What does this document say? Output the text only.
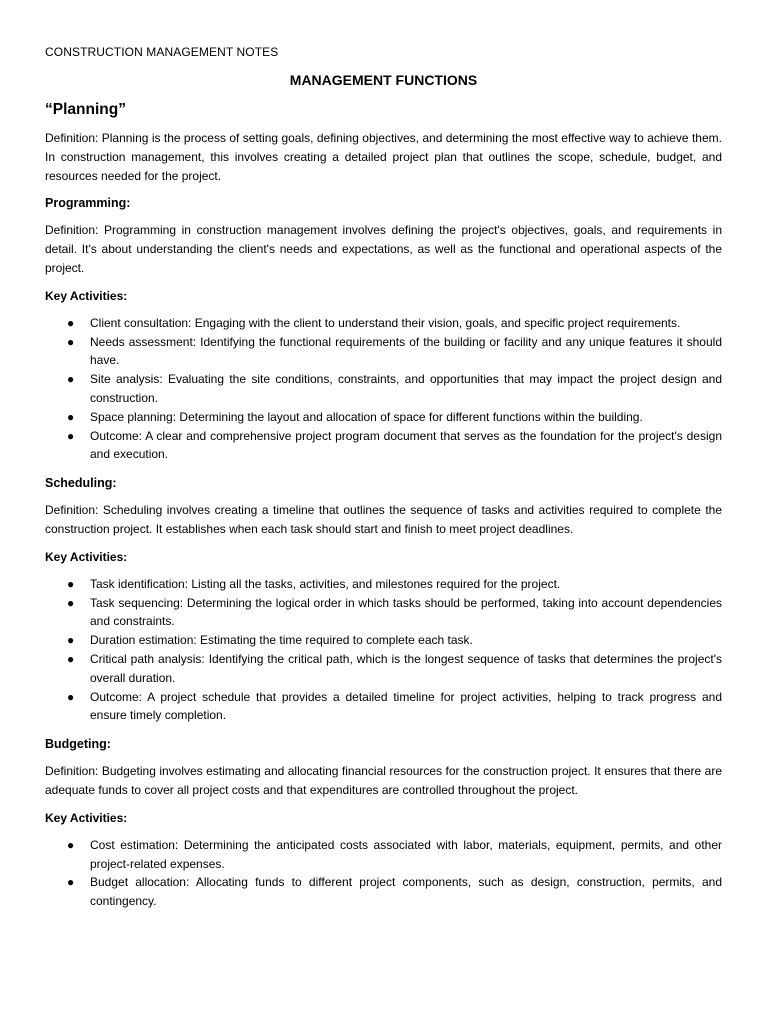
CONSTRUCTION MANAGEMENT NOTES
MANAGEMENT FUNCTIONS
“Planning”

Definition: Planning is the process of setting goals, defining objectives, and determining the most effective way to achieve them. In construction management, this involves creating a detailed project plan that outlines the scope, schedule, budget, and resources needed for the project.

Programming:

Definition: Programming in construction management involves defining the project's objectives, goals, and requirements in detail. It's about understanding the client's needs and expectations, as well as the functional and operational aspects of the project.

Key Activities:
● Client consultation: Engaging with the client to understand their vision, goals, and specific project requirements.
● Needs assessment: Identifying the functional requirements of the building or facility and any unique features it should have.
● Site analysis: Evaluating the site conditions, constraints, and opportunities that may impact the project design and construction.
● Space planning: Determining the layout and allocation of space for different functions within the building.
● Outcome: A clear and comprehensive project program document that serves as the foundation for the project's design and execution.
Scheduling:

Definition: Scheduling involves creating a timeline that outlines the sequence of tasks and activities required to complete the construction project. It establishes when each task should start and finish to meet project deadlines.

Key Activities:
● Task identification: Listing all the tasks, activities, and milestones required for the project.
● Task sequencing: Determining the logical order in which tasks should be performed, taking into account dependencies and constraints.
● Duration estimation: Estimating the time required to complete each task.
● Critical path analysis: Identifying the critical path, which is the longest sequence of tasks that determines the project's overall duration.
● Outcome: A project schedule that provides a detailed timeline for project activities, helping to track progress and ensure timely completion.
Budgeting:

Definition: Budgeting involves estimating and allocating financial resources for the construction project. It ensures that there are adequate funds to cover all project costs and that expenditures are controlled throughout the project.

Key Activities:
● Cost estimation: Determining the anticipated costs associated with labor, materials, equipment, permits, and other project-related expenses.
● Budget allocation: Allocating funds to different project components, such as design, construction, permits, and contingency.
